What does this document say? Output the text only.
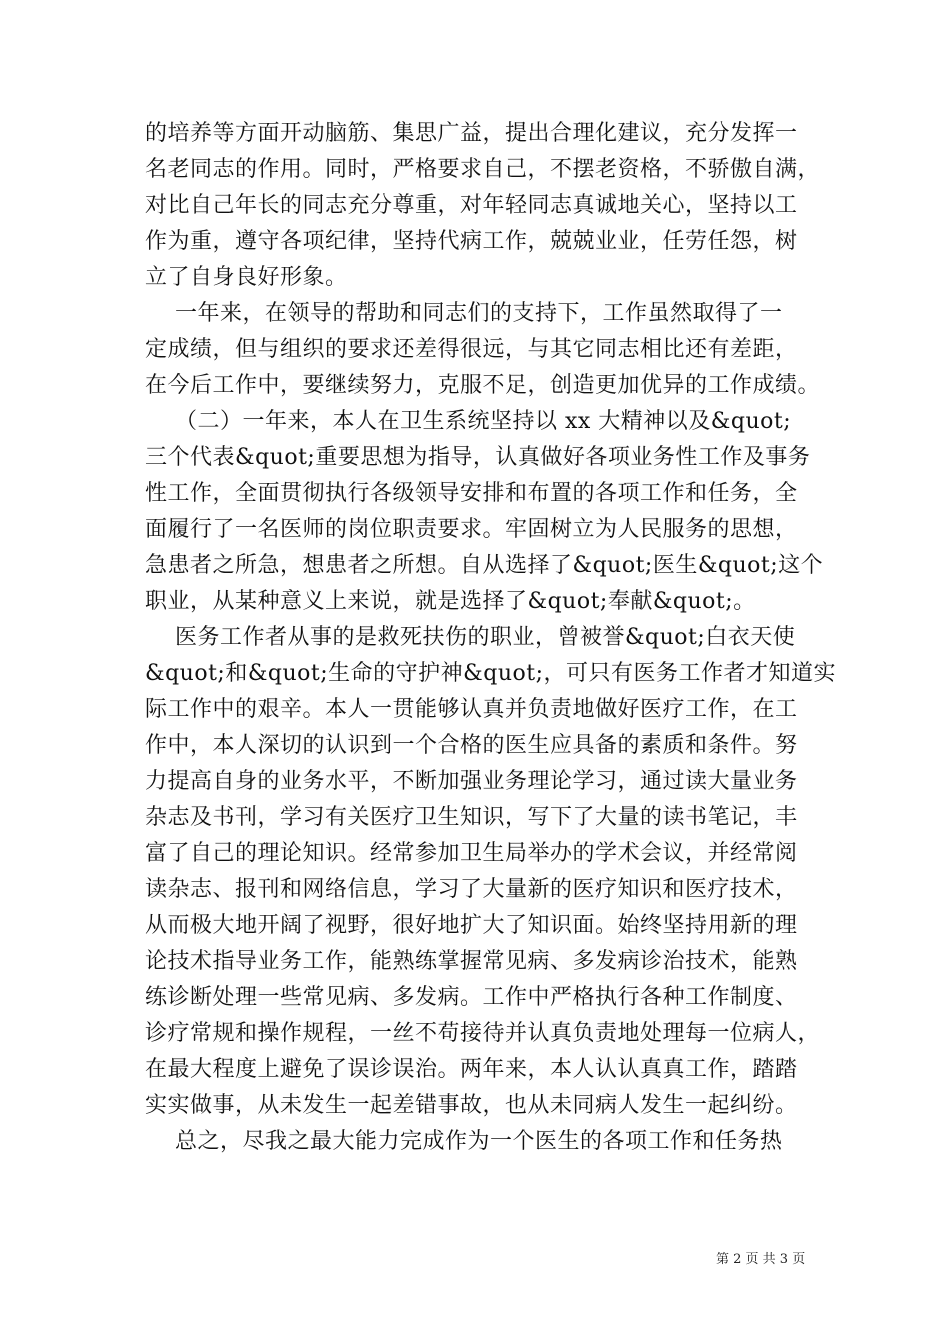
的培养等方面开动脑筋、集思广益，提出合理化建议，充分发挥一
名老同志的作用。同时，严格要求自己，不摆老资格，不骄傲自满，
对比自己年长的同志充分尊重，对年轻同志真诚地关心，坚持以工
作为重，遵守各项纪律，坚持代病工作，兢兢业业，任劳任怨，树
立了自身良好形象。
一年来，在领导的帮助和同志们的支持下，工作虽然取得了一
定成绩，但与组织的要求还差得很远，与其它同志相比还有差距，
在今后工作中，要继续努力，克服不足，创造更加优异的工作成绩。
（二）一年来，本人在卫生系统坚持以 xx 大精神以及&quot;
三个代表&quot;重要思想为指导，认真做好各项业务性工作及事务
性工作，全面贯彻执行各级领导安排和布置的各项工作和任务，全
面履行了一名医师的岗位职责要求。牢固树立为人民服务的思想，
急患者之所急，想患者之所想。自从选择了&quot;医生&quot;这个
职业，从某种意义上来说，就是选择了&quot;奉献&quot;。
医务工作者从事的是救死扶伤的职业，曾被誉&quot;白衣天使
&quot;和&quot;生命的守护神&quot;，可只有医务工作者才知道实
际工作中的艰辛。本人一贯能够认真并负责地做好医疗工作，在工
作中，本人深切的认识到一个合格的医生应具备的素质和条件。努
力提高自身的业务水平，不断加强业务理论学习，通过读大量业务
杂志及书刊，学习有关医疗卫生知识，写下了大量的读书笔记，丰
富了自己的理论知识。经常参加卫生局举办的学术会议，并经常阅
读杂志、报刊和网络信息，学习了大量新的医疗知识和医疗技术，
从而极大地开阔了视野，很好地扩大了知识面。始终坚持用新的理
论技术指导业务工作，能熟练掌握常见病、多发病诊治技术，能熟
练诊断处理一些常见病、多发病。工作中严格执行各种工作制度、
诊疗常规和操作规程，一丝不苟接待并认真负责地处理每一位病人，
在最大程度上避免了误诊误治。两年来，本人认认真真工作，踏踏
实实做事，从未发生一起差错事故，也从未同病人发生一起纠纷。
总之，尽我之最大能力完成作为一个医生的各项工作和任务热
第 2 页 共 3 页
